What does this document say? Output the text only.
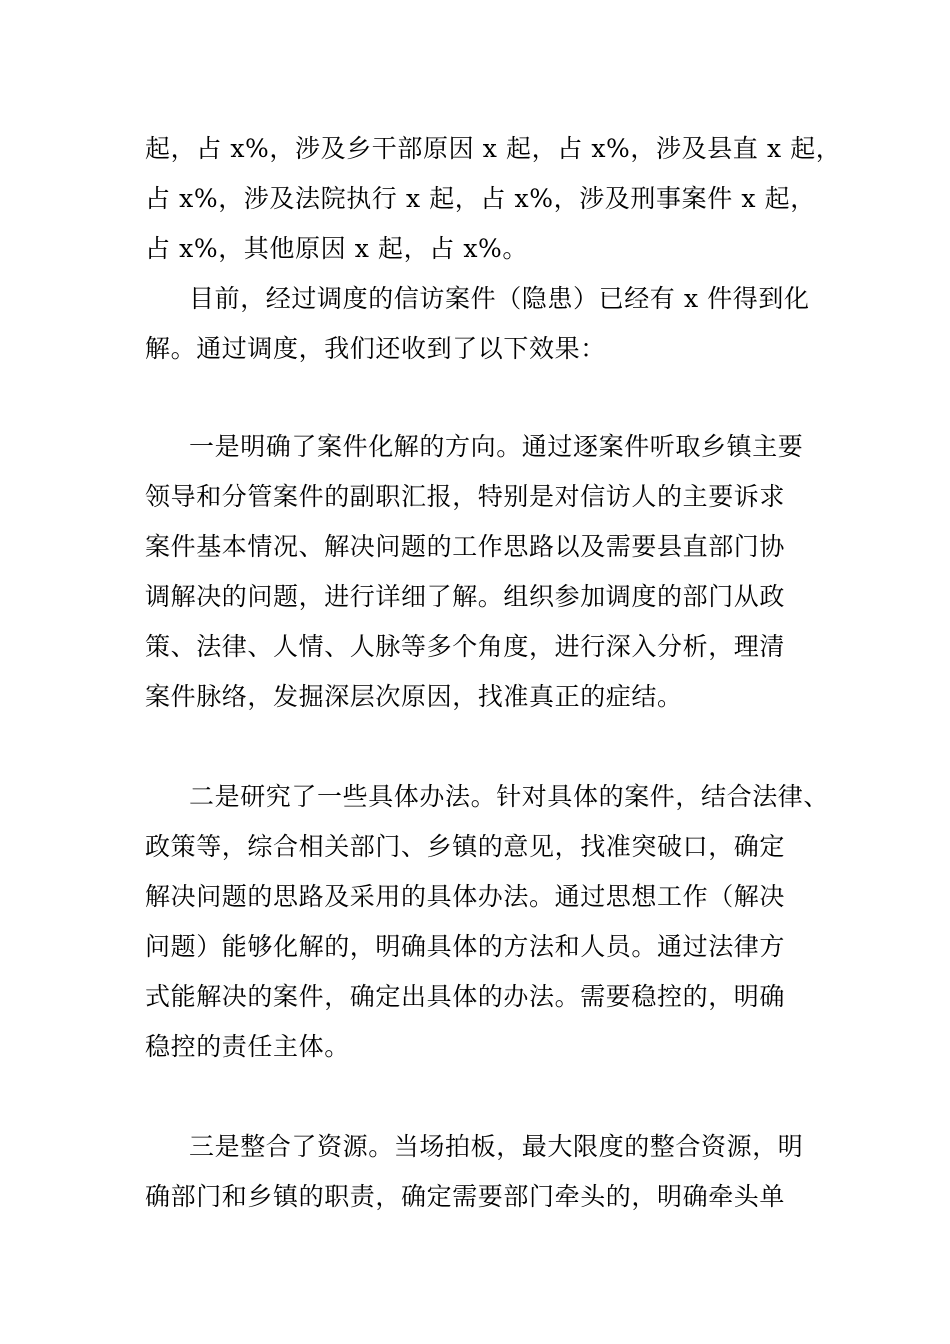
起，占 x%，涉及乡干部原因 x 起，占 x%，涉及县直 x 起，
占 x%，涉及法院执行 x 起，占 x%，涉及刑事案件 x 起，
占 x%，其他原因 x 起，占 x%。
目前，经过调度的信访案件（隐患）已经有 x 件得到化
解。通过调度，我们还收到了以下效果：
一是明确了案件化解的方向。通过逐案件听取乡镇主要
领导和分管案件的副职汇报，特别是对信访人的主要诉求
案件基本情况、解决问题的工作思路以及需要县直部门协
调解决的问题，进行详细了解。组织参加调度的部门从政
策、法律、人情、人脉等多个角度，进行深入分析，理清
案件脉络，发掘深层次原因，找准真正的症结。
二是研究了一些具体办法。针对具体的案件，结合法律、
政策等，综合相关部门、乡镇的意见，找准突破口，确定
解决问题的思路及采用的具体办法。通过思想工作（解决
问题）能够化解的，明确具体的方法和人员。通过法律方
式能解决的案件，确定出具体的办法。需要稳控的，明确
稳控的责任主体。
三是整合了资源。当场拍板，最大限度的整合资源，明
确部门和乡镇的职责，确定需要部门牵头的，明确牵头单
